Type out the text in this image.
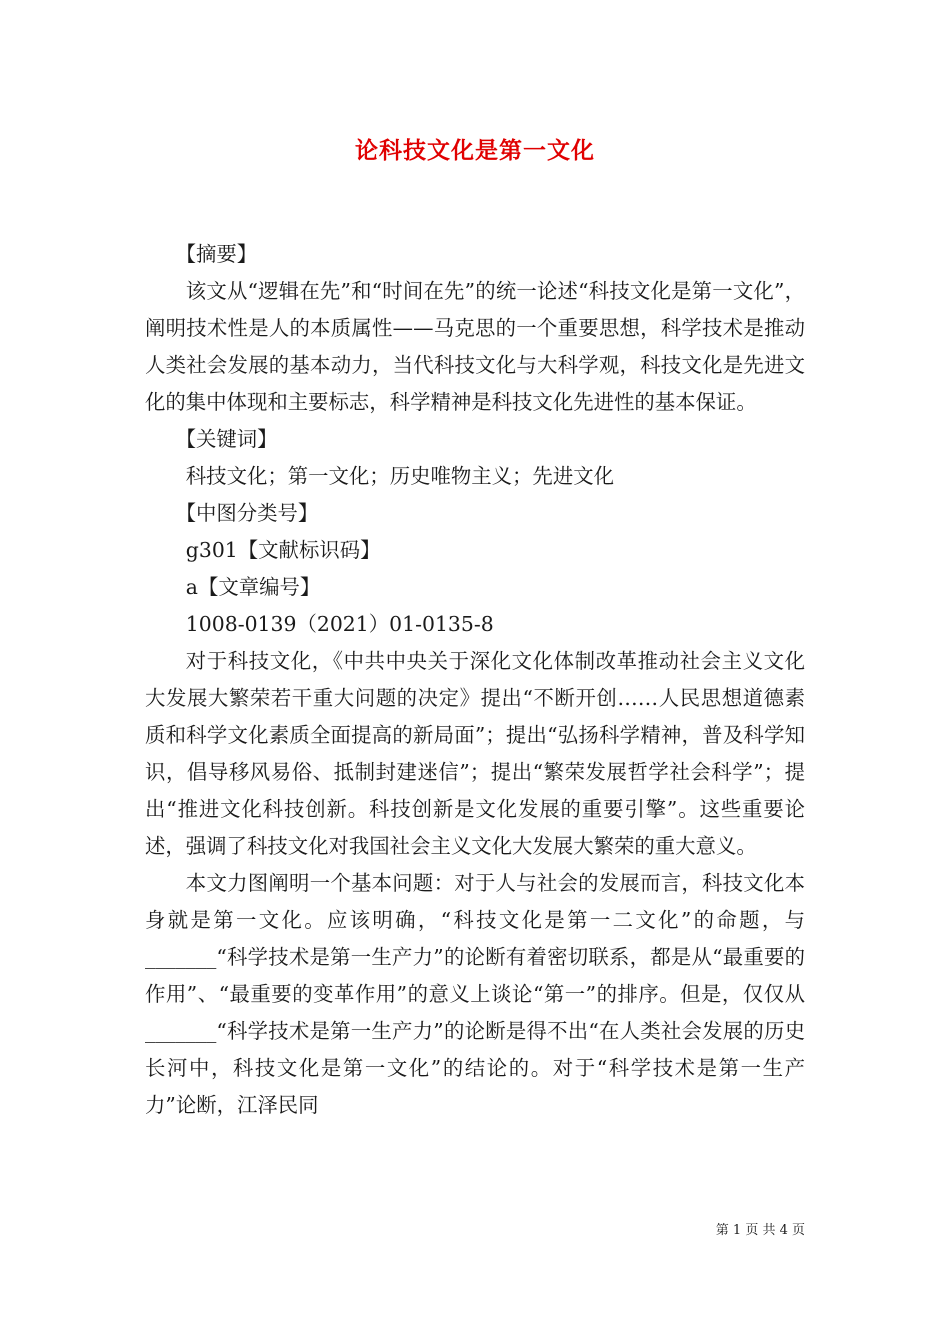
论科技文化是第一文化

【摘要】

该文从“逻辑在先”和“时间在先”的统一论述“科技文化是第一文化”，阐明技术性是人的本质属性——马克思的一个重要思想，科学技术是推动人类社会发展的基本动力，当代科技文化与大科学观，科技文化是先进文化的集中体现和主要标志，科学精神是科技文化先进性的基本保证。

【关键词】

科技文化；第一文化；历史唯物主义；先进文化

【中图分类号】

g301【文献标识码】

a【文章编号】

1008-0139（2021）01-0135-8

对于科技文化，《中共中央关于深化文化体制改革推动社会主义文化大发展大繁荣若干重大问题的决定》提出“不断开创……人民思想道德素质和科学文化素质全面提高的新局面”；提出“弘扬科学精神，普及科学知识，倡导移风易俗、抵制封建迷信”；提出“繁荣发展哲学社会科学”；提出“推进文化科技创新。科技创新是文化发展的重要引擎”。这些重要论述，强调了科技文化对我国社会主义文化大发展大繁荣的重大意义。

本文力图阐明一个基本问题：对于人与社会的发展而言，科技文化本身就是第一文化。应该明确，“科技文化是第一二文化”的命题，与_______“科学技术是第一生产力”的论断有着密切联系，都是从“最重要的作用”、“最重要的变革作用”的意义上谈论“第一”的排序。但是，仅仅从_______“科学技术是第一生产力”的论断是得不出“在人类社会发展的历史长河中，科技文化是第一文化”的结论的。对于“科学技术是第一生产力”论断，江泽民同

第 1 页 共 4 页
